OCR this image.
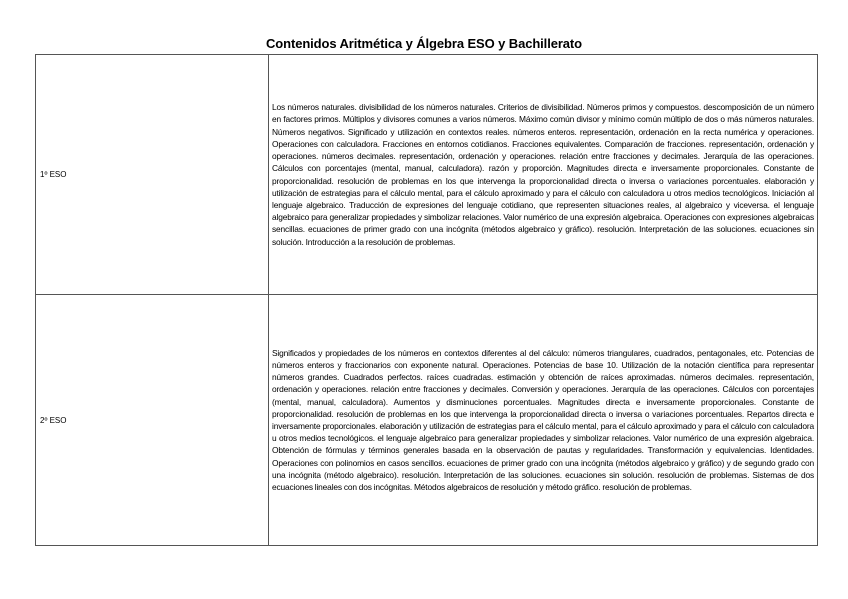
Contenidos Aritmética y Álgebra ESO y Bachillerato
1º ESO	Los números naturales. divisibilidad de los números naturales. Criterios de divisibilidad. Números primos y compuestos. descomposición de un número en factores primos. Múltiplos y divisores comunes a varios números. Máximo común divisor y mínimo común múltiplo de dos o más números naturales. Números negativos. Significado y utilización en contextos reales. números enteros. representación, ordenación en la recta numérica y operaciones. Operaciones con calculadora. Fracciones en entornos cotidianos. Fracciones equivalentes. Comparación de fracciones. representación, ordenación y operaciones. números decimales. representación, ordenación y operaciones. relación entre fracciones y decimales. Jerarquía de las operaciones. Cálculos con porcentajes (mental, manual, calculadora). razón y proporción. Magnitudes directa e inversamente proporcionales. Constante de proporcionalidad. resolución de problemas en los que intervenga la proporcionalidad directa o inversa o variaciones porcentuales. elaboración y utilización de estrategias para el cálculo mental, para el cálculo aproximado y para el cálculo con calculadora u otros medios tecnológicos. Iniciación al lenguaje algebraico. Traducción de expresiones del lenguaje cotidiano, que representen situaciones reales, al algebraico y viceversa. el lenguaje algebraico para generalizar propiedades y simbolizar relaciones. Valor numérico de una expresión algebraica. Operaciones con expresiones algebraicas sencillas. ecuaciones de primer grado con una incógnita (métodos algebraico y gráfico). resolución. Interpretación de las soluciones. ecuaciones sin solución. Introducción a la resolución de problemas.
2º ESO	Significados y propiedades de los números en contextos diferentes al del cálculo: números triangulares, cuadrados, pentagonales, etc. Potencias de números enteros y fraccionarios con exponente natural. Operaciones. Potencias de base 10. Utilización de la notación científica para representar números grandes. Cuadrados perfectos. raíces cuadradas. estimación y obtención de raíces aproximadas. números decimales. representación, ordenación y operaciones. relación entre fracciones y decimales. Conversión y operaciones. Jerarquía de las operaciones. Cálculos con porcentajes (mental, manual, calculadora). Aumentos y disminuciones porcentuales. Magnitudes directa e inversamente proporcionales. Constante de proporcionalidad. resolución de problemas en los que intervenga la proporcionalidad directa o inversa o variaciones porcentuales. Repartos directa e inversamente proporcionales. elaboración y utilización de estrategias para el cálculo mental, para el cálculo aproximado y para el cálculo con calculadora u otros medios tecnológicos. el lenguaje algebraico para generalizar propiedades y simbolizar relaciones. Valor numérico de una expresión algebraica. Obtención de fórmulas y términos generales basada en la observación de pautas y regularidades. Transformación y equivalencias. Identidades. Operaciones con polinomios en casos sencillos. ecuaciones de primer grado con una incógnita (métodos algebraico y gráfico) y de segundo grado con una incógnita (método algebraico). resolución. Interpretación de las soluciones. ecuaciones sin solución. resolución de problemas. Sistemas de dos ecuaciones lineales con dos incógnitas. Métodos algebraicos de resolución y método gráfico. resolución de problemas.
